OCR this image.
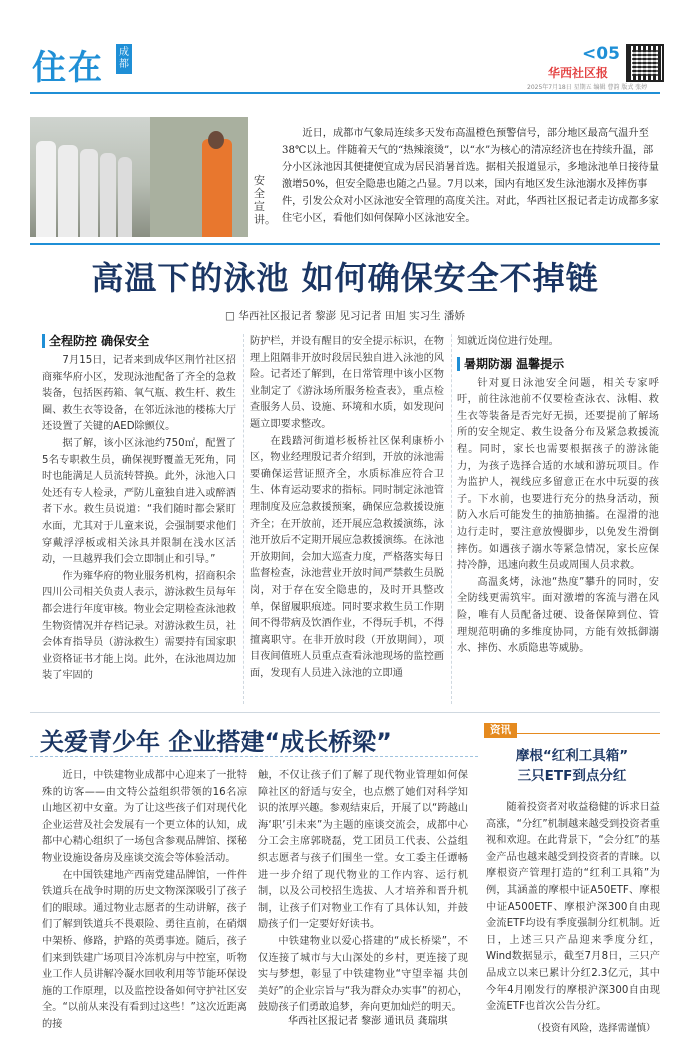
住在	成都
<05
华西社区报
2025年7月18日 星期五 编辑 曹韵 版式 张婷
安全宣讲。
近日，成都市气象局连续多天发布高温橙色预警信号，部分地区最高气温升至38℃以上。伴随着天气的“热辣滚烫”，以“水”为核心的清凉经济也在持续升温，部分小区泳池因其便捷便宜成为居民消暑首选。据相关报道显示，多地泳池单日接待量激增50%，但安全隐患也随之凸显。7月以来，国内有地区发生泳池溺水及摔伤事件，引发公众对小区泳池安全管理的高度关注。对此，华西社区报记者走访成都多家住宅小区，看他们如何保障小区泳池安全。
高温下的泳池 如何确保安全不掉链
□ 华西社区报记者 黎澎 见习记者 田旭 实习生 潘娇
全程防控 确保安全

7月15日，记者来到成华区荆竹社区招商雍华府小区，发现泳池配备了齐全的急救装备，包括医药箱、氧气瓶、救生杆、救生圈、救生衣等设备，在邻近泳池的楼栋大厅还设置了关键的AED除颤仪。

据了解，该小区泳池约750㎡，配置了5名专职救生员，确保视野覆盖无死角，同时也能满足人员流转替换。此外，泳池入口处还有专人检录，严防儿童独自进入或醉酒者下水。救生员说道：“我们随时都会紧盯水面，尤其对于儿童来说，会强制要求他们穿戴浮浮板或相关泳具并限制在浅水区活动，一旦越界我们会立即制止和引导。”

作为雍华府的物业服务机构，招商积余四川公司相关负责人表示，游泳救生员每年都会进行年度审核。物业会定期检查泳池救生物资情况并存档记录。对游泳救生员，社会体育指导员（游泳救生）需要持有国家职业资格证书才能上岗。此外，在泳池周边加装了牢固的

防护栏，并设有醒目的安全提示标识，在物理上阻隔非开放时段居民独自进入泳池的风险。记者还了解到，在日常管理中该小区物业制定了《游泳场所服务检查表》，重点检查服务人员、设施、环境和水质，如发现问题立即要求整改。

在践踏河街道杉板桥社区保利康桥小区，物业经理殷记者介绍到，开放的泳池需要确保运营证照齐全，水质标准应符合卫生、体育运动要求的指标。同时制定泳池管理制度及应急救援预案，确保应急救援设施齐全；在开放前，还开展应急救援演练，泳池开放后不定期开展应急救援演练。在泳池开放期间，会加大巡查力度，严格落实每日监督检查，泳池营业开放时间严禁救生员脱岗，对于存在安全隐患的，及时开具整改单，保留履职痕迹。同时要求救生员工作期间不得带病及饮酒作业，不得玩手机，不得擅离职守。在非开放时段（开放期间），项目夜间值班人员重点查看泳池现场的监控画面，发现有人员进入泳池的立即通

知就近岗位进行处理。

暑期防溺 温馨提示

针对夏日泳池安全问题，相关专家呼吁，前往泳池前不仅要检查泳衣、泳帽、救生衣等装备是否完好无损，还要提前了解场所的安全规定、救生设备分布及紧急救援流程。同时，家长也需要根据孩子的游泳能力，为孩子选择合适的水域和游玩项目。作为监护人，视线应多留意正在水中玩耍的孩子。下水前，也要进行充分的热身活动，预防入水后可能发生的抽筋抽搐。在湿滑的池边行走时，要注意放慢脚步，以免发生滑倒摔伤。如遇孩子溺水等紧急情况，家长应保持冷静，迅速向救生员或周围人员求救。

高温炙烤，泳池“热度”攀升的同时，安全防线更需筑牢。面对激增的客流与潜在风险，唯有人员配备过硬、设备保障到位、管理规范明确的多维度协同，方能有效抵御溺水、摔伤、水质隐患等威胁。

关爱青少年 企业搭建“成长桥梁”

近日，中铁建物业成都中心迎来了一批特殊的访客——由文特公益组织带领的16名凉山地区初中女童。为了让这些孩子们对现代化企业运营及社会发展有一个更立体的认知，成都中心精心组织了一场包含参观品牌馆、探秘物业设施设备房及座谈交流会等体验活动。

在中国铁建地产西南党建品牌馆，一件件铁道兵在战争时期的历史文物深深吸引了孩子们的眼球。通过物业志愿者的生动讲解，孩子们了解到铁道兵不畏艰险、勇往直前，在硝烟中架桥、修路，护路的英勇事迹。随后，孩子们来到铁建广场项目冷冻机房与中控室，听物业工作人员讲解冷凝水回收利用等节能环保设施的工作原理，以及监控设备如何守护社区安全。“以前从来没有看到过这些！”这次近距离的接

触，不仅让孩子们了解了现代物业管理如何保障社区的舒适与安全，也点燃了她们对科学知识的浓厚兴趣。参观结束后，开展了以“跨越山海‘职’引未来”为主题的座谈交流会，成都中心分工会主席郭晓磊，党工团员工代表、公益组织志愿者与孩子们围坐一堂。女工委主任谭畅进一步介绍了现代物业的工作内容、运行机制，以及公司校招生选拔、人才培养和晋升机制，让孩子们对物业工作有了具体认知，并鼓励孩子们一定要好好读书。

中铁建物业以爱心搭建的“成长桥梁”，不仅连接了城市与大山深处的乡村，更连接了现实与梦想，彰显了中铁建物业“守望幸福 共创美好”的企业宗旨与“我为群众办实事”的初心，鼓励孩子们勇敢追梦，奔向更加灿烂的明天。

华西社区报记者 黎澎 通讯员 龚瑞琪
资讯
摩根“红利工具箱”
三只ETF到点分红

随着投资者对收益稳健的诉求日益高涨，“分红”机制越来越受到投资者重视和欢迎。在此背景下，“会分红”的基金产品也越来越受到投资者的青睐。以摩根资产管理打造的“红利工具箱”为例，其涵盖的摩根中证A50ETF、摩根中证A500ETF、摩根沪深300自由现金流ETF均设有季度强制分红机制。近日，上述三只产品迎来季度分红，Wind数据显示，截至7月8日，三只产品成立以来已累计分红2.3亿元，其中今年4月刚发行的摩根沪深300自由现金流ETF也首次公告分红。

（投资有风险，选择需谨慎）
